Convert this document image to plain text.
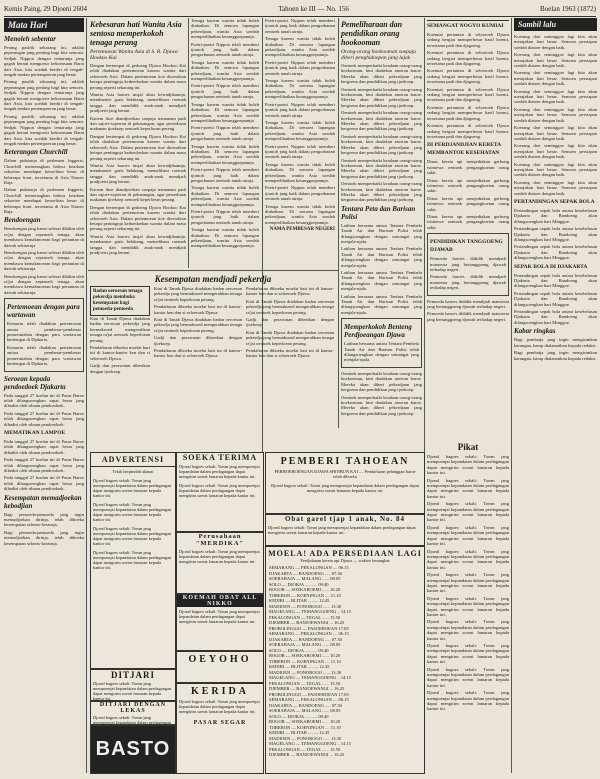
Kemis Paing, 29 Djoeni 2604	Tahoen ke III — No. 156	Boelan 1963 (1872)
Mata Hari
Menoleh sebentar

Perang pasifik sekarang ini, adalah peperangan jang penting bagi kita semoea. Sedjak Nippon dengan tentaranja jang gagah berani mengoesir kekoeasaan Barat dari Asia, kita soedah berdiri di tengah-tengah medan pertempoeran jang besar.

Perang pasifik sekarang ini, adalah peperangan jang penting bagi kita semoea. Sedjak Nippon dengan tentaranja jang gagah berani mengoesir kekoeasaan Barat dari Asia, kita soedah berdiri di tengah-tengah medan pertempoeran jang besar.

Perang pasifik sekarang ini, adalah peperangan jang penting bagi kita semoea. Sedjak Nippon dengan tentaranja jang gagah berani mengoesir kekoeasaan Barat dari Asia, kita soedah berdiri di tengah-tengah medan pertempoeran jang besar.

Keterangan Churchill

Dalam pidatonja di parlemen Inggeris, Churchill menerangkan bahwa keadaan sekoetoe mendapat kesoelitan besar di beberapa front, teroetama di Asia Timoer Raja.

Dalam pidatonja di parlemen Inggeris, Churchill menerangkan bahwa keadaan sekoetoe mendapat kesoelitan besar di beberapa front, teroetama di Asia Timoer Raja.

Bendoengan

Bendoengan jang baroe selesai dibikin oleh ra'jat dengan sepenoeh tenaga, akan membawa kemakmoeran bagi pertanian di daerah sekitarnja.

Bendoengan jang baroe selesai dibikin oleh ra'jat dengan sepenoeh tenaga, akan membawa kemakmoeran bagi pertanian di daerah sekitarnja.

Bendoengan jang baroe selesai dibikin oleh ra'jat dengan sepenoeh tenaga, akan membawa kemakmoeran bagi pertanian di daerah sekitarnja.

Pertemoean dengan para wartawan

Kemarin telah diadakan pertemoean antara pembesar-pembesar pemerintahan dengan para wartawan bertempat di Djakarta.

Kemarin telah diadakan pertemoean antara pembesar-pembesar pemerintahan dengan para wartawan bertempat di Djakarta.

Seroean kepada pendoedoek Djakarta

Pada tanggal 27 boelan ini di Pasar Baroe telah dilangsoengkan rapat besar jang dihadiri oleh ribuan pendoedoek.

Pada tanggal 27 boelan ini di Pasar Baroe telah dilangsoengkan rapat besar jang dihadiri oleh ribuan pendoedoek.

MEMATIKAN LAMPOE

Pada tanggal 27 boelan ini di Pasar Baroe telah dilangsoengkan rapat besar jang dihadiri oleh ribuan pendoedoek.

Pada tanggal 27 boelan ini di Pasar Baroe telah dilangsoengkan rapat besar jang dihadiri oleh ribuan pendoedoek.

Pada tanggal 27 boelan ini di Pasar Baroe telah dilangsoengkan rapat besar jang dihadiri oleh ribuan pendoedoek.

Kesempatan memadjoekan kebodjian

Bagi pemoeda-pemoeda jang ingin memadjoekan dirinja, telah diboeka kesempatan seloeas-loeasnja.

Bagi pemoeda-pemoeda jang ingin memadjoekan dirinja, telah diboeka kesempatan seloeas-loeasnja.

Kebesaran hati Wanita Asia sentosa memperkokoh tenaga perang
Pertemoean Wanita Asia di S. R. Djawa Hookoo Kai

Dengan bertempat di gedoeng Djawa Hookoo Kai telah diadakan pertemoean kaoem wanita dari seloeroeh Asia. Dalam pertemoean itoe dioeraikan betapa pentingnja kedoedoekan wanita dalam masa perang seperti sekarang ini.

Wanita Asia haroes insjaf akan kewadjibannja, membantoe garis belakang, memelihara roemah tangga, dan mendidik anak-anak mendjadi pradjoerit jang berani.

Kaoem iboe diandjoerkan soepaja menanam padi dan sajoer-sajoeran di pekarangan, agar persediaan makanan tjoekoep oentoek keperloean perang.

Dengan bertempat di gedoeng Djawa Hookoo Kai telah diadakan pertemoean kaoem wanita dari seloeroeh Asia. Dalam pertemoean itoe dioeraikan betapa pentingnja kedoedoekan wanita dalam masa perang seperti sekarang ini.

Wanita Asia haroes insjaf akan kewadjibannja, membantoe garis belakang, memelihara roemah tangga, dan mendidik anak-anak mendjadi pradjoerit jang berani.

Kaoem iboe diandjoerkan soepaja menanam padi dan sajoer-sajoeran di pekarangan, agar persediaan makanan tjoekoep oentoek keperloean perang.

Dengan bertempat di gedoeng Djawa Hookoo Kai telah diadakan pertemoean kaoem wanita dari seloeroeh Asia. Dalam pertemoean itoe dioeraikan betapa pentingnja kedoedoekan wanita dalam masa perang seperti sekarang ini.

Wanita Asia haroes insjaf akan kewadjibannja, membantoe garis belakang, memelihara roemah tangga, dan mendidik anak-anak mendjadi pradjoerit jang berani.

Tenaga kaoem wanita tidak boleh diabaikan. Di semoea lapangan pekerdjaan, wanita Asia soedah memperlihatkan kesanggoepannja.

Poetri-poetri Nippon telah memberi tjontoh jang baik dalam pengorbanan oentoek tanah airnja.

Tenaga kaoem wanita tidak boleh diabaikan. Di semoea lapangan pekerdjaan, wanita Asia soedah memperlihatkan kesanggoepannja.

Poetri-poetri Nippon telah memberi tjontoh jang baik dalam pengorbanan oentoek tanah airnja.

Tenaga kaoem wanita tidak boleh diabaikan. Di semoea lapangan pekerdjaan, wanita Asia soedah memperlihatkan kesanggoepannja.

Poetri-poetri Nippon telah memberi tjontoh jang baik dalam pengorbanan oentoek tanah airnja.

Tenaga kaoem wanita tidak boleh diabaikan. Di semoea lapangan pekerdjaan, wanita Asia soedah memperlihatkan kesanggoepannja.

Poetri-poetri Nippon telah memberi tjontoh jang baik dalam pengorbanan oentoek tanah airnja.

Tenaga kaoem wanita tidak boleh diabaikan. Di semoea lapangan pekerdjaan, wanita Asia soedah memperlihatkan kesanggoepannja.

Poetri-poetri Nippon telah memberi tjontoh jang baik dalam pengorbanan oentoek tanah airnja.

Tenaga kaoem wanita tidak boleh diabaikan. Di semoea lapangan pekerdjaan, wanita Asia soedah memperlihatkan kesanggoepannja.

Poetri-poetri Nippon telah memberi tjontoh jang baik dalam pengorbanan oentoek tanah airnja.

Tenaga kaoem wanita tidak boleh diabaikan. Di semoea lapangan pekerdjaan, wanita Asia soedah memperlihatkan kesanggoepannja.

Poetri-poetri Nippon telah memberi tjontoh jang baik dalam pengorbanan oentoek tanah airnja.

Tenaga kaoem wanita tidak boleh diabaikan. Di semoea lapangan pekerdjaan, wanita Asia soedah memperlihatkan kesanggoepannja.

Poetri-poetri Nippon telah memberi tjontoh jang baik dalam pengorbanan oentoek tanah airnja.

Tenaga kaoem wanita tidak boleh diabaikan. Di semoea lapangan pekerdjaan, wanita Asia soedah memperlihatkan kesanggoepannja.

Poetri-poetri Nippon telah memberi tjontoh jang baik dalam pengorbanan oentoek tanah airnja.

Tenaga kaoem wanita tidak boleh diabaikan. Di semoea lapangan pekerdjaan, wanita Asia soedah memperlihatkan kesanggoepannja.

Poetri-poetri Nippon telah memberi tjontoh jang baik dalam pengorbanan oentoek tanah airnja.

Tenaga kaoem wanita tidak boleh diabaikan. Di semoea lapangan pekerdjaan, wanita Asia soedah memperlihatkan kesanggoepannja.

NAMA PEMBESAR NEGERI
Pemeliharaan dan pendidikan orang hookooman
Orang-orang hookooman soepaja diberi penghidoepan jang lajak

Oentoek memperbaiki keadaan orang-orang hoekoeman, kini diadakan atoeran baroe. Mereka akan diberi pekerdjaan jang bergoena dan pendidikan jang tjoekoep.

Oentoek memperbaiki keadaan orang-orang hoekoeman, kini diadakan atoeran baroe. Mereka akan diberi pekerdjaan jang bergoena dan pendidikan jang tjoekoep.

Oentoek memperbaiki keadaan orang-orang hoekoeman, kini diadakan atoeran baroe. Mereka akan diberi pekerdjaan jang bergoena dan pendidikan jang tjoekoep.

Oentoek memperbaiki keadaan orang-orang hoekoeman, kini diadakan atoeran baroe. Mereka akan diberi pekerdjaan jang bergoena dan pendidikan jang tjoekoep.

Oentoek memperbaiki keadaan orang-orang hoekoeman, kini diadakan atoeran baroe. Mereka akan diberi pekerdjaan jang bergoena dan pendidikan jang tjoekoep.

Oentoek memperbaiki keadaan orang-orang hoekoeman, kini diadakan atoeran baroe. Mereka akan diberi pekerdjaan jang bergoena dan pendidikan jang tjoekoep.

Tentara Peta dan Barisan Polisi

Latihan bersama antara Tentara Pembela Tanah Air dan Barisan Polisi telah dilangsoengkan dengan semangat jang menjala-njala.

Latihan bersama antara Tentara Pembela Tanah Air dan Barisan Polisi telah dilangsoengkan dengan semangat jang menjala-njala.

Latihan bersama antara Tentara Pembela Tanah Air dan Barisan Polisi telah dilangsoengkan dengan semangat jang menjala-njala.

Latihan bersama antara Tentara Pembela Tanah Air dan Barisan Polisi telah dilangsoengkan dengan semangat jang menjala-njala.

Memperkokoh Benteng Perdjoeangan Djawa

Latihan bersama antara Tentara Pembela Tanah Air dan Barisan Polisi telah dilangsoengkan dengan semangat jang menjala-njala.

Oentoek memperbaiki keadaan orang-orang hoekoeman, kini diadakan atoeran baroe. Mereka akan diberi pekerdjaan jang bergoena dan pendidikan jang tjoekoep.

Oentoek memperbaiki keadaan orang-orang hoekoeman, kini diadakan atoeran baroe. Mereka akan diberi pekerdjaan jang bergoena dan pendidikan jang tjoekoep.

SEMANGAT NOGYO KUMIAI

Koemiai pertanian di seloeroeh Djawa sedang bergiat memperbesar hasil boemi, teroetama padi dan djagoeng.

Koemiai pertanian di seloeroeh Djawa sedang bergiat memperbesar hasil boemi, teroetama padi dan djagoeng.

Koemiai pertanian di seloeroeh Djawa sedang bergiat memperbesar hasil boemi, teroetama padi dan djagoeng.

Koemiai pertanian di seloeroeh Djawa sedang bergiat memperbesar hasil boemi, teroetama padi dan djagoeng.

Koemiai pertanian di seloeroeh Djawa sedang bergiat memperbesar hasil boemi, teroetama padi dan djagoeng.

Koemiai pertanian di seloeroeh Djawa sedang bergiat memperbesar hasil boemi, teroetama padi dan djagoeng.

DI PERDJANDJIAN KERETA MEMBANTOE KESEHATAN

Dinas kereta api menjediakan gerbong istimewa oentoek pengangkoetan orang sakit.

Dinas kereta api menjediakan gerbong istimewa oentoek pengangkoetan orang sakit.

Dinas kereta api menjediakan gerbong istimewa oentoek pengangkoetan orang sakit.

Dinas kereta api menjediakan gerbong istimewa oentoek pengangkoetan orang sakit.

PENDIDIKAN TANGGOENG DJAWAB

Pemoeda haroes dididik mendjadi manoesia jang bertanggoeng djawab terhadap negeri.

Pemoeda haroes dididik mendjadi manoesia jang bertanggoeng djawab terhadap negeri.

Pemoeda haroes dididik mendjadi manoesia jang bertanggoeng djawab terhadap negeri.

Pemoeda haroes dididik mendjadi manoesia jang bertanggoeng djawab terhadap negeri.

Sambil lalu

Koerang dari seminggoe lagi kita akan merajakan hari besar. Semoea persiapan soedah diatoer dengan baik.

Koerang dari seminggoe lagi kita akan merajakan hari besar. Semoea persiapan soedah diatoer dengan baik.

Koerang dari seminggoe lagi kita akan merajakan hari besar. Semoea persiapan soedah diatoer dengan baik.

Koerang dari seminggoe lagi kita akan merajakan hari besar. Semoea persiapan soedah diatoer dengan baik.

Koerang dari seminggoe lagi kita akan merajakan hari besar. Semoea persiapan soedah diatoer dengan baik.

Koerang dari seminggoe lagi kita akan merajakan hari besar. Semoea persiapan soedah diatoer dengan baik.

Koerang dari seminggoe lagi kita akan merajakan hari besar. Semoea persiapan soedah diatoer dengan baik.

Koerang dari seminggoe lagi kita akan merajakan hari besar. Semoea persiapan soedah diatoer dengan baik.

Koerang dari seminggoe lagi kita akan merajakan hari besar. Semoea persiapan soedah diatoer dengan baik.

PERTANDINGAN SEPAK BOLA

Pertandingan sepak bola antara kesebelasan Djakarta dan Bandoeng akan dilangsoengkan hari Minggoe.

Pertandingan sepak bola antara kesebelasan Djakarta dan Bandoeng akan dilangsoengkan hari Minggoe.

Pertandingan sepak bola antara kesebelasan Djakarta dan Bandoeng akan dilangsoengkan hari Minggoe.

SEPAK BOLA DI DJAKARTA

Pertandingan sepak bola antara kesebelasan Djakarta dan Bandoeng akan dilangsoengkan hari Minggoe.

Pertandingan sepak bola antara kesebelasan Djakarta dan Bandoeng akan dilangsoengkan hari Minggoe.

Pertandingan sepak bola antara kesebelasan Djakarta dan Bandoeng akan dilangsoengkan hari Minggoe.

Kabar ringkas

Bagi pembatja jang ingin mengirimkan karangan, harap dialamatkan kepada redaksi.

Bagi pembatja jang ingin mengirimkan karangan, harap dialamatkan kepada redaksi.

Kesempatan mendjadi pekerdja
Badan oeroesan tenaga pekerdja membuka kesempatan bagi pemoeda-pemoeda

Kini di Tanah Djawa diadakan badan oeroesan pekerdja jang bermaksoed mengerahkan tenaga ra'jat oentoek keperloean perang.

Pendaftaran diboeka moelai hari ini di kantor-kantor ken dan si seloeroeh Djawa.

Gadji dan perawatan diberikan dengan tjoekoep.

Kini di Tanah Djawa diadakan badan oeroesan pekerdja jang bermaksoed mengerahkan tenaga ra'jat oentoek keperloean perang.

Pendaftaran diboeka moelai hari ini di kantor-kantor ken dan si seloeroeh Djawa.

Kini di Tanah Djawa diadakan badan oeroesan pekerdja jang bermaksoed mengerahkan tenaga ra'jat oentoek keperloean perang.

Gadji dan perawatan diberikan dengan tjoekoep.

Pendaftaran diboeka moelai hari ini di kantor-kantor ken dan si seloeroeh Djawa.

Pendaftaran diboeka moelai hari ini di kantor-kantor ken dan si seloeroeh Djawa.

Kini di Tanah Djawa diadakan badan oeroesan pekerdja jang bermaksoed mengerahkan tenaga ra'jat oentoek keperloean perang.

Gadji dan perawatan diberikan dengan tjoekoep.

Kini di Tanah Djawa diadakan badan oeroesan pekerdja jang bermaksoed mengerahkan tenaga ra'jat oentoek keperloean perang.

Pendaftaran diboeka moelai hari ini di kantor-kantor ken dan si seloeroeh Djawa.

Pikat

Djoeal bagoes sekali: Toean jang mempoenjai kepandaian dalam perdagangan dapat mengirim soerat lamaran kepada kantor ini.

Djoeal bagoes sekali: Toean jang mempoenjai kepandaian dalam perdagangan dapat mengirim soerat lamaran kepada kantor ini.

Djoeal bagoes sekali: Toean jang mempoenjai kepandaian dalam perdagangan dapat mengirim soerat lamaran kepada kantor ini.

Djoeal bagoes sekali: Toean jang mempoenjai kepandaian dalam perdagangan dapat mengirim soerat lamaran kepada kantor ini.

Djoeal bagoes sekali: Toean jang mempoenjai kepandaian dalam perdagangan dapat mengirim soerat lamaran kepada kantor ini.

Djoeal bagoes sekali: Toean jang mempoenjai kepandaian dalam perdagangan dapat mengirim soerat lamaran kepada kantor ini.

Djoeal bagoes sekali: Toean jang mempoenjai kepandaian dalam perdagangan dapat mengirim soerat lamaran kepada kantor ini.

Djoeal bagoes sekali: Toean jang mempoenjai kepandaian dalam perdagangan dapat mengirim soerat lamaran kepada kantor ini.

Djoeal bagoes sekali: Toean jang mempoenjai kepandaian dalam perdagangan dapat mengirim soerat lamaran kepada kantor ini.

Djoeal bagoes sekali: Toean jang mempoenjai kepandaian dalam perdagangan dapat mengirim soerat lamaran kepada kantor ini.

Djoeal bagoes sekali: Toean jang mempoenjai kepandaian dalam perdagangan dapat mengirim soerat lamaran kepada kantor ini.

ADVERTENSI
Telah berpindah alamat
Djoeal bagoes sekali: Toean jang mempoenjai kepandaian dalam perdagangan dapat mengirim soerat lamaran kepada kantor ini.
Djoeal bagoes sekali: Toean jang mempoenjai kepandaian dalam perdagangan dapat mengirim soerat lamaran kepada kantor ini.
Djoeal bagoes sekali: Toean jang mempoenjai kepandaian dalam perdagangan dapat mengirim soerat lamaran kepada kantor ini.
Djoeal bagoes sekali: Toean jang mempoenjai kepandaian dalam perdagangan dapat mengirim soerat lamaran kepada kantor ini.
SOEKA TERIMA
Djoeal bagoes sekali: Toean jang mempoenjai kepandaian dalam perdagangan dapat mengirim soerat lamaran kepada kantor ini.
Djoeal bagoes sekali: Toean jang mempoenjai kepandaian dalam perdagangan dapat mengirim soerat lamaran kepada kantor ini.
Perusahaan "MERDIKA"
Djoeal bagoes sekali: Toean jang mempoenjai kepandaian dalam perdagangan dapat mengirim soerat lamaran kepada kantor ini.
PEMBERI TAHOEAN
PERHOEBOENGAN DJAWA SHINBUN KAI — Pendaftaran pelanggan baroe telah diboeka
Djoeal bagoes sekali: Toean jang mempoenjai kepandaian dalam perdagangan dapat mengirim soerat lamaran kepada kantor ini.
Obat garel tjap 1 anak, No. 84
Djoeal bagoes sekali: Toean jang mempoenjai kepandaian dalam perdagangan dapat mengirim soerat lamaran kepada kantor ini.
MOELA! ADA PERSEDIAAN LAGI
Perdjalanan kereta api Djawa — waktoe berangkat
SEMARANG — PEKALONGAN .... 06.15
DJAKARTA — BANDOENG ..... 07.30
SOERABAJA — MALANG ...... 08.05
SOLO — DJOKJA ........... 09.40
BOGOR — SOEKABOEMI ...... 10.20
TJIREBON — KOENINGAN .... 11.10
KEDIRI — BLITAR ......... 12.45
MADIOEN — PONOROGO ...... 13.30
MAGELANG — TEMANGGOENG .. 14.15
PEKALONGAN — TEGAL ...... 15.50
DJEMBER — BANJOEWANGI ... 16.25
PROBOLINGGO — PASOEROEAN 17.05
SEMARANG — PEKALONGAN .... 06.15
DJAKARTA — BANDOENG ..... 07.30
SOERABAJA — MALANG ...... 08.05
SOLO — DJOKJA ........... 09.40
BOGOR — SOEKABOEMI ...... 10.20
TJIREBON — KOENINGAN .... 11.10
KEDIRI — BLITAR ......... 12.45
MADIOEN — PONOROGO ...... 13.30
MAGELANG — TEMANGGOENG .. 14.15
PEKALONGAN — TEGAL ...... 15.50
DJEMBER — BANJOEWANGI ... 16.25
PROBOLINGGO — PASOEROEAN 17.05
SEMARANG — PEKALONGAN .... 06.15
DJAKARTA — BANDOENG ..... 07.30
SOERABAJA — MALANG ...... 08.05
SOLO — DJOKJA ........... 09.40
BOGOR — SOEKABOEMI ...... 10.20
TJIREBON — KOENINGAN .... 11.10
KEDIRI — BLITAR ......... 12.45
MADIOEN — PONOROGO ...... 13.30
MAGELANG — TEMANGGOENG .. 14.15
PEKALONGAN — TEGAL ...... 15.50
DJEMBER — BANJOEWANGI ... 16.25
KOEMAH OBAT ALL NIKKO
Djoeal bagoes sekali: Toean jang mempoenjai kepandaian dalam perdagangan dapat mengirim soerat lamaran kepada kantor ini.
OEYOHO
KERIDA
Djoeal bagoes sekali: Toean jang mempoenjai kepandaian dalam perdagangan dapat mengirim soerat lamaran kepada kantor ini.
PASAR SEGAR
DITJARI
Djoeal bagoes sekali: Toean jang mempoenjai kepandaian dalam perdagangan dapat mengirim soerat lamaran kepada kantor ini.
DITJARI DENGAN LEKAS
Djoeal bagoes sekali: Toean jang mempoenjai kepandaian dalam perdagangan
BASTO
